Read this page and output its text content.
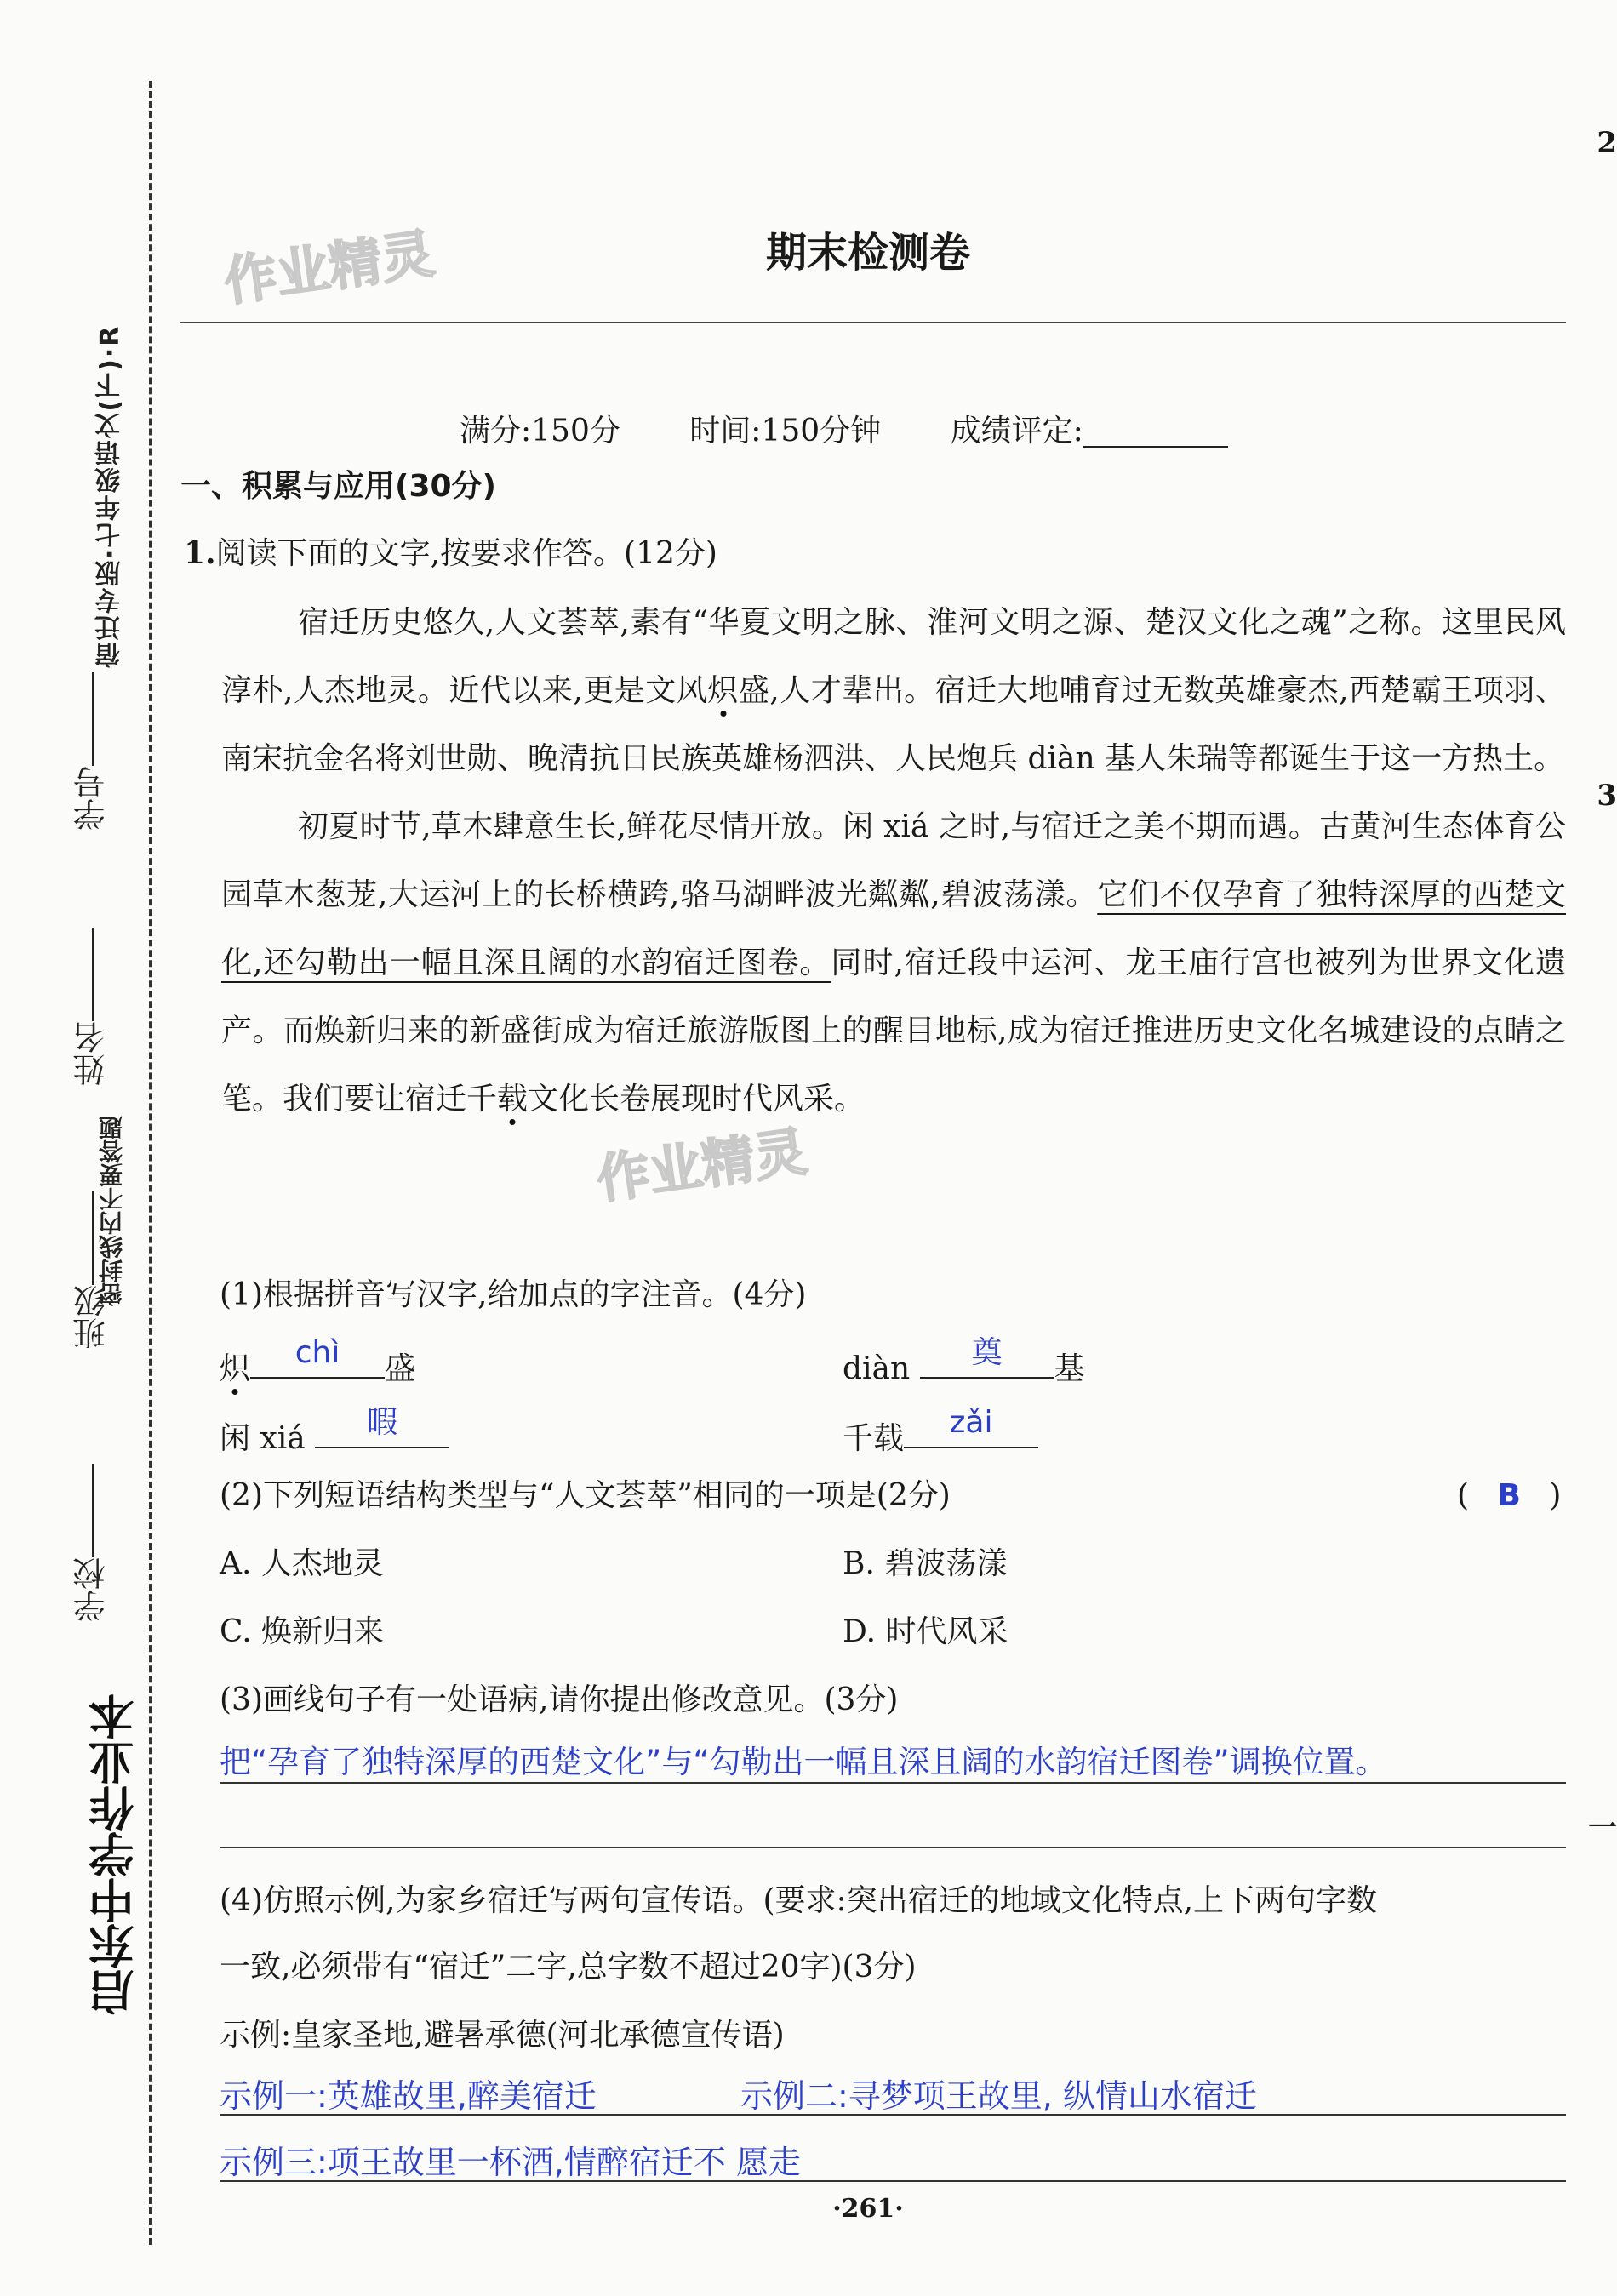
宿迁专版·七年级语文(下)·R
学号
姓名
密封线内不要答题
班级
学校
启东中学作业本
作业精灵
作业精灵
2
3
一
期末检测卷
满分:150分 时间:150分钟 成绩评定:
一、积累与应用(30分)
1.阅读下面的文字,按要求作答。(12分)

宿迁历史悠久,人文荟萃,素有“华夏文明之脉、淮河文明之源、楚汉文化之魂”之称。这里民风淳朴,人杰地灵。近代以来,更是文风炽盛,人才辈出。宿迁大地哺育过无数英雄豪杰,西楚霸王项羽、南宋抗金名将刘世勋、晚清抗日民族英雄杨泗洪、人民炮兵 diàn 基人朱瑞等都诞生于这一方热土。

初夏时节,草木肆意生长,鲜花尽情开放。闲 xiá 之时,与宿迁之美不期而遇。古黄河生态体育公园草木葱茏,大运河上的长桥横跨,骆马湖畔波光粼粼,碧波荡漾。它们不仅孕育了独特深厚的西楚文化,还勾勒出一幅且深且阔的水韵宿迁图卷。同时,宿迁段中运河、龙王庙行宫也被列为世界文化遗产。而焕新归来的新盛街成为宿迁旅游版图上的醒目地标,成为宿迁推进历史文化名城建设的点睛之笔。我们要让宿迁千载文化长卷展现时代风采。

(1)根据拼音写汉字,给加点的字注音。(4分)
炽	chì	盛	diàn	奠	基
闲 xiá	暇	千载	zǎi
(2)下列短语结构类型与“人文荟萃”相同的一项是(2分)	( B )
A. 人杰地灵	B. 碧波荡漾
C. 焕新归来	D. 时代风采
(3)画线句子有一处语病,请你提出修改意见。(3分)
把“孕育了独特深厚的西楚文化”与“勾勒出一幅且深且阔的水韵宿迁图卷”调换位置。
(4)仿照示例,为家乡宿迁写两句宣传语。(要求:突出宿迁的地域文化特点,上下两句字数
一致,必须带有“宿迁”二字,总字数不超过20字)(3分)
示例:皇家圣地,避暑承德(河北承德宣传语)
示例一:英雄故里,醉美宿迁	示例二:寻梦项王故里, 纵情山水宿迁
示例三:项王故里一杯酒,情醉宿迁不 愿走
·261·
